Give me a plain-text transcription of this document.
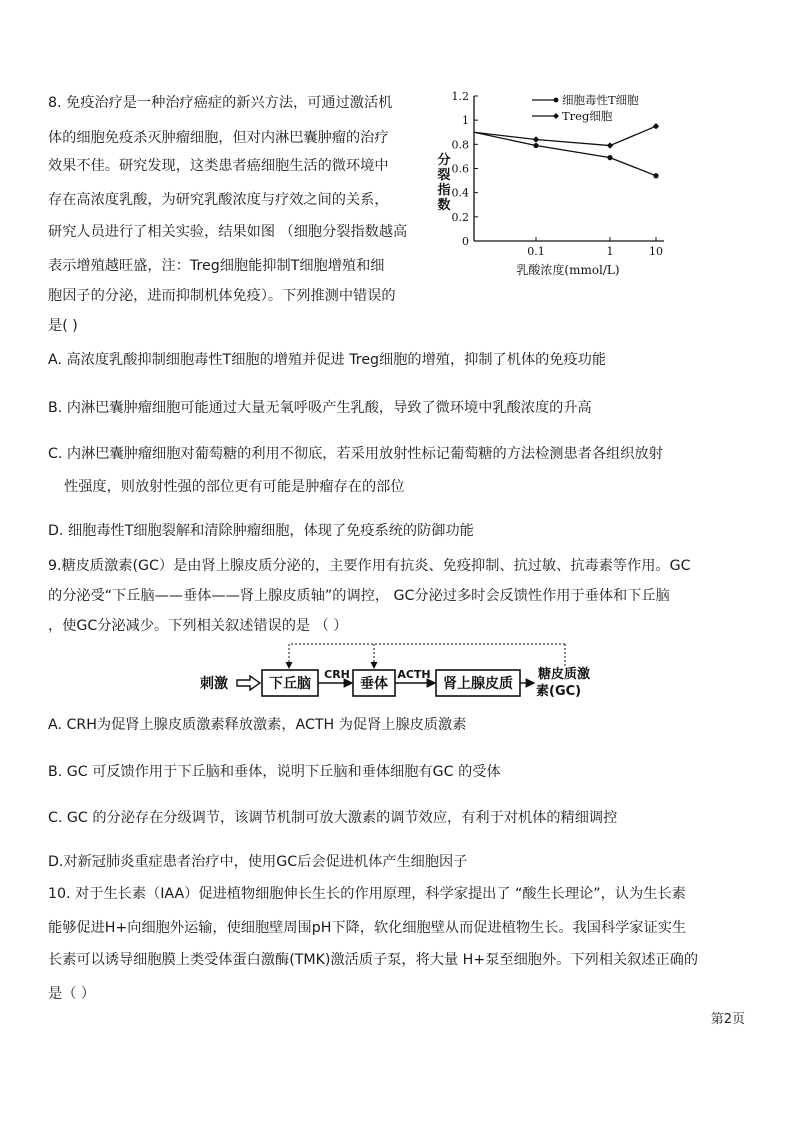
8. 免疫治疗是一种治疗癌症的新兴方法，可通过激活机
体的细胞免疫杀灭肿瘤细胞，但对内淋巴囊肿瘤的治疗
效果不佳。研究发现，这类患者癌细胞生活的微环境中
存在高浓度乳酸，为研究乳酸浓度与疗效之间的关系，
研究人员进行了相关实验，结果如图 （细胞分裂指数越高
表示增殖越旺盛，注：Treg细胞能抑制T细胞增殖和细
胞因子的分泌，进而抑制机体免疫）。下列推测中错误的
是( )
A. 高浓度乳酸抑制细胞毒性T细胞的增殖并促进 Treg细胞的增殖，抑制了机体的免疫功能
B. 内淋巴囊肿瘤细胞可能通过大量无氧呼吸产生乳酸，导致了微环境中乳酸浓度的升高
C. 内淋巴囊肿瘤细胞对葡萄糖的利用不彻底，若采用放射性标记葡萄糖的方法检测患者各组织放射
性强度，则放射性强的部位更有可能是肿瘤存在的部位
D. 细胞毒性T细胞裂解和清除肿瘤细胞，体现了免疫系统的防御功能
0
0.2
0.4
0.6
0.8
1
1.2
0.1	1	10
细胞毒性T细胞
Treg细胞
乳酸浓度(mmol/L)
分
裂
指
数
9.糖皮质激素(GC）是由肾上腺皮质分泌的，主要作用有抗炎、免疫抑制、抗过敏、抗毒素等作用。GC
的分泌受“下丘脑——垂体——肾上腺皮质轴”的调控， GC分泌过多时会反馈性作用于垂体和下丘脑
，使GC分泌减少。下列相关叙述错误的是 （ ）
刺激	下丘脑
CRH
垂体
ACTH
肾上腺皮质
糖皮质激
素(GC)
A. CRH为促肾上腺皮质激素释放激素，ACTH 为促肾上腺皮质激素
B. GC 可反馈作用于下丘脑和垂体，说明下丘脑和垂体细胞有GC 的受体
C. GC 的分泌存在分级调节，该调节机制可放大激素的调节效应，有利于对机体的精细调控
D.对新冠肺炎重症患者治疗中，使用GC后会促进机体产生细胞因子
10. 对于生长素（IAA）促进植物细胞伸长生长的作用原理，科学家提出了 “酸生长理论”，认为生长素
能够促进H+向细胞外运输，使细胞壁周围pH下降，软化细胞壁从而促进植物生长。我国科学家证实生
长素可以诱导细胞膜上类受体蛋白激酶(TMK)激活质子泵，将大量 H+泵至细胞外。下列相关叙述正确的
是（ ）
第2页
